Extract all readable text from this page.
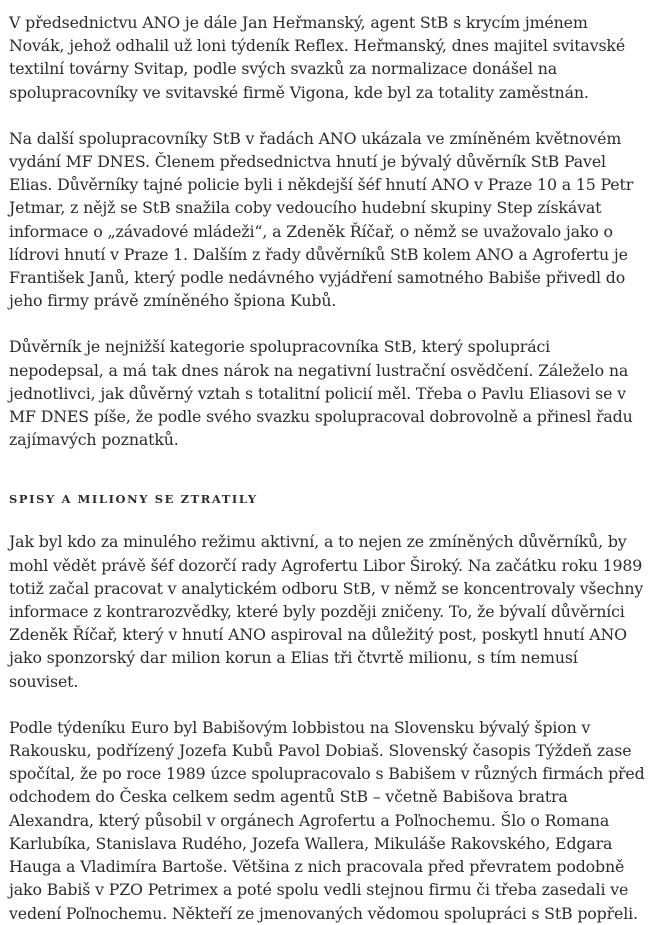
V předsednictvu ANO je dále Jan Heřmanský, agent StB s krycím jménem Novák, jehož odhalil už loni týdeník Reflex. Heřmanský, dnes majitel svitavské textilní továrny Svitap, podle svých svazků za normalizace donášel na spolupracovníky ve svitavské firmě Vigona, kde byl za totality zaměstnán.

Na další spolupracovníky StB v řadách ANO ukázala ve zmíněném květnovém vydání MF DNES. Členem předsednictva hnutí je bývalý důvěrník StB Pavel Elias. Důvěrníky tajné policie byli i někdejší šéf hnutí ANO v Praze 10 a 15 Petr Jetmar, z nějž se StB snažila coby vedoucího hudební skupiny Step získávat informace o „závadové mládeži“, a Zdeněk Říčař, o němž se uvažovalo jako o lídrovi hnutí v Praze 1. Dalším z řady důvěrníků StB kolem ANO a Agrofertu je František Janů, který podle nedávného vyjádření samotného Babiše přivedl do jeho firmy právě zmíněného špiona Kubů.

Důvěrník je nejnižší kategorie spolupracovníka StB, který spolupráci nepodepsal, a má tak dnes nárok na negativní lustrační osvědčení. Záleželo na jednotlivci, jak důvěrný vztah s totalitní policií měl. Třeba o Pavlu Eliasovi se v MF DNES píše, že podle svého svazku spolupracoval dobrovolně a přinesl řadu zajímavých poznatků.

SPISY A MILIONY SE ZTRATILY

Jak byl kdo za minulého režimu aktivní, a to nejen ze zmíněných důvěrníků, by mohl vědět právě šéf dozorčí rady Agrofertu Libor Široký. Na začátku roku 1989 totiž začal pracovat v analytickém odboru StB, v němž se koncentrovaly všechny informace z kontrarozvědky, které byly později zničeny. To, že bývalí důvěrníci Zdeněk Říčař, který v hnutí ANO aspiroval na důležitý post, poskytl hnutí ANO jako sponzorský dar milion korun a Elias tři čtvrtě milionu, s tím nemusí souviset.

Podle týdeníku Euro byl Babišovým lobbistou na Slovensku bývalý špion v Rakousku, podřízený Jozefa Kubů Pavol Dobiaš. Slovenský časopis Týždeň zase spočítal, že po roce 1989 úzce spolupracovalo s Babišem v různých firmách před odchodem do Česka celkem sedm agentů StB – včetně Babišova bratra Alexandra, který působil v orgánech Agrofertu a Poľnochemu. Šlo o Romana Karlubíka, Stanislava Rudého, Jozefa Wallera, Mikuláše Rakovského, Edgara Hauga a Vladimíra Bartoše. Většina z nich pracovala před převratem podobně jako Babiš v PZO Petrimex a poté spolu vedli stejnou firmu či třeba zasedali ve vedení Poľnochemu. Někteří ze jmenovaných vědomou spolupráci s StB popřeli.
